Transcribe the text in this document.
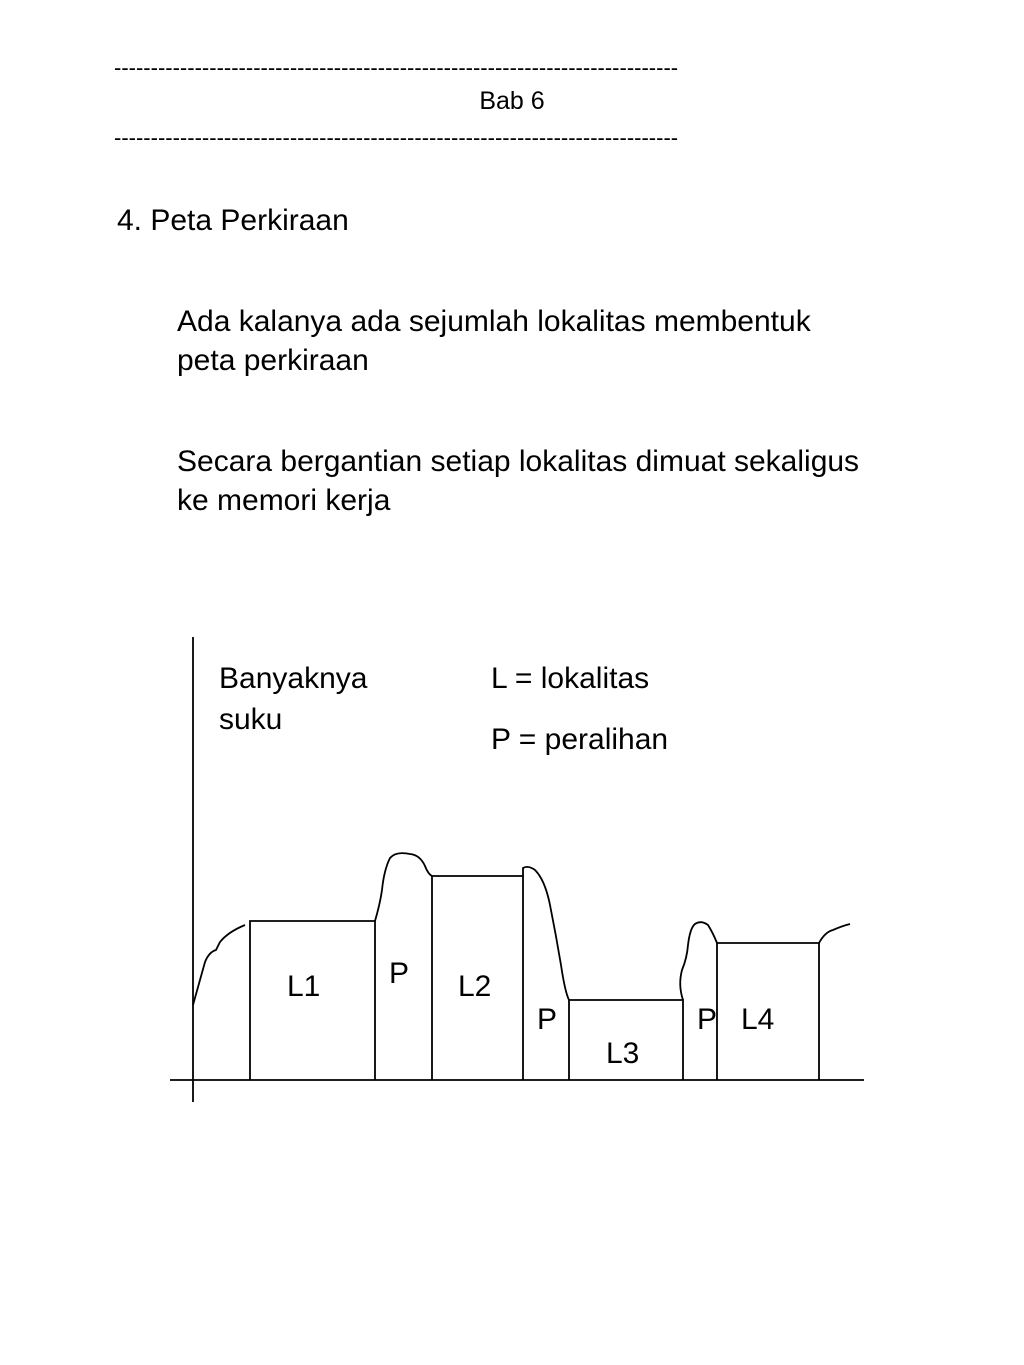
-----------------------------------------------------------------------------
Bab 6
-----------------------------------------------------------------------------
4. Peta Perkiraan
Ada kalanya ada sejumlah lokalitas membentuk
peta perkiraan
Secara bergantian setiap lokalitas dimuat sekaligus
ke memori kerja
Banyaknya
suku
L = lokalitas
P = peralihan
L1 P L2
P
L3
P L4
